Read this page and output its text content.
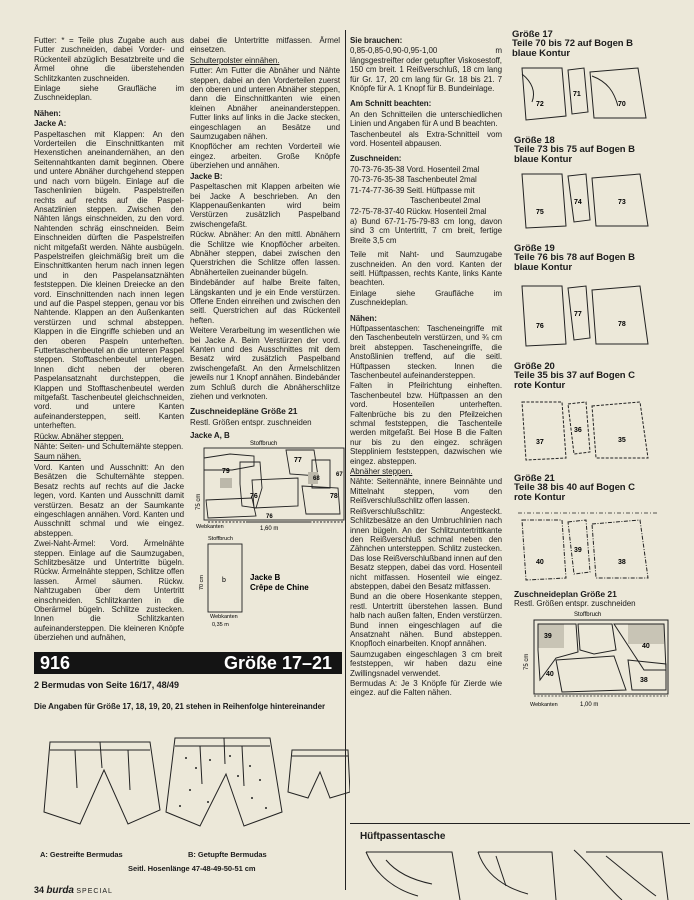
Futter: * = Teile plus Zugabe auch aus Futter zuschneiden, dabei Vorder- und Rückenteil abzüglich Besatzbreite und die Ärmel ohne die überstehenden Schlitzkanten zuschneiden.

Einlage siehe Graufläche im Zuschneideplan.

Nähen:

Jacke A:

Paspeltaschen mit Klappen: An den Vorderteilen die Einschnittkanten mit Hexenstichen aneinandernähen, an den Seitennahtkanten damit beginnen. Obere und untere Abnäher durchgehend steppen und nach vorn bügeln. Einlage auf die Taschenlinien bügeln. Paspelstreifen rechts auf rechts auf die Paspel-Ansatzlinien steppen. Zwischen den Nähten längs einschneiden, zu den vord. Nahtenden schräg einschneiden. Beim Einschneiden dürften die Paspelstreifen nicht mitgefaßt werden. Nähte ausbügeln. Paspelstreifen gleichmäßig breit um die Einschnittkanten herum nach innen legen und in den Paspelansatznähten feststeppen. Die kleinen Dreiecke an den vord. Einschnittenden nach innen legen und auf die Paspel steppen, genau vor bis Nahtende. Klappen an den Außenkanten verstürzen und schmal absteppen. Klappen in die Eingriffe schieben und an den oberen Paspeln unterheften. Futtertaschenbeutel an die unteren Paspel steppen. Stofftaschenbeutel unterlegen. Innen dicht neben der oberen Paspelansatznaht durchsteppen, die Klappen und Stofftaschenbeutel werden mitgefaßt. Taschenbeutel gleichschneiden, vord. und untere Kanten aufeinandersteppen, seitl. Kanten unterheften.

Rückw. Abnäher steppen.

Nähte: Seiten- und Schulternähte steppen.

Saum nähen.

Vord. Kanten und Ausschnitt: An den Besätzen die Schulternähte steppen. Besatz rechts auf rechts auf die Jacke legen, vord. Kanten und Ausschnitt damit verstürzen. Besatz an der Saumkante eingeschlagen annähen. Vord. Kanten und Ausschnitt schmal und wie eingez. absteppen.

Zwei-Naht-Ärmel: Vord. Ärmelnähte steppen. Einlage auf die Saumzugaben, Schlitzbesätze und Untertritte bügeln. Rückw. Ärmelnähte steppen, Schlitze offen lassen. Ärmel säumen. Rückw. Nahtzugaben über dem Untertritt einschneiden. Schlitzkanten in die Oberärmel bügeln. Schlitze zustecken. Innen die Schlitzkanten aufeinandersteppen. Die kleineren Knöpfe überziehen und aufnähen,

dabei die Untertritte mitfassen. Ärmel einsetzen.

Schulterpolster einnähen.

Futter: Am Futter die Abnäher und Nähte steppen, dabei an den Vorderteilen zuerst den oberen und unteren Abnäher steppen, dann die Einschnittkanten wie einen kleinen Abnäher aneinandersteppen. Futter links auf links in die Jacke stecken, eingeschlagen an Besätze und Saumzugaben nähen.

Knopflöcher am rechten Vorderteil wie eingez. arbeiten. Große Knöpfe überziehen und annähen.

Jacke B:

Paspeltaschen mit Klappen arbeiten wie bei Jacke A beschrieben. An den Klappenaußenkanten wird beim Verstürzen zusätzlich Paspelband zwischengefaßt.

Rückw. Abnäher: An den mittl. Abnähern die Schlitze wie Knopflöcher arbeiten. Abnäher steppen, dabei zwischen den Querstrichen die Schlitze offen lassen. Abnäherteilen zueinander bügeln.

Bindebänder auf halbe Breite falten, Längskanten und je ein Ende verstürzen. Offene Enden einreihen und zwischen den seitl. Querstrichen auf das Rückenteil heften.

Weitere Verarbeitung im wesentlichen wie bei Jacke A. Beim Verstürzen der vord. Kanten und des Ausschnittes mit dem Besatz wird zusätzlich Paspelband zwischengefaßt. An den Ärmelschlitzen jeweils nur 1 Knopf annähen. Bindebänder zum Schluß durch die Abnäherschlitze ziehen und verknoten.

Zuschneidepläne Größe 21

Restl. Größen entspr. zuschneiden

Jacke A, B

Stoffbruch
79
77
76
68
78
67
76
b
75 cm
Webkanten	1,60 m
Stoffbruch
70 cm
Webkanten
0,35 m
Jacke B
Crêpe de Chine
916	Größe 17–21
2 Bermudas von Seite 16/17, 48/49
Die Angaben für Größe 17, 18, 19, 20, 21 stehen in Reihenfolge hintereinander
A: Gestreifte Bermudas	B: Getupfte Bermudas
Seitl. Hosenlänge 47-48-49-50-51 cm
34 burda SPECIAL

Sie brauchen:

0,85-0,85-0,90-0,95-1,00 m längsgestreifter oder getupfter Viskosestoff, 150 cm breit. 1 Reißverschluß, 18 cm lang für Gr. 17, 20 cm lang für Gr. 18 bis 21. 7 Knöpfe für A. 1 Knopf für B. Bundeinlage.

Am Schnitt beachten:

An den Schnitteilen die unterschiedlichen Linien und Angaben für A und B beachten.

Taschenbeutel als Extra-Schnitteil vom vord. Hosenteil abpausen.

Zuschneiden:

70-73-76-35-38 Vord. Hosenteil 2mal

70-73-76-35-38 Taschenbeutel 2mal

71-74-77-36-39 Seitl. Hüftpasse mit

Taschenbeutel 2mal

72-75-78-37-40 Rückw. Hosenteil 2mal

a) Bund 67-71-75-79-83 cm long, davon sind 3 cm Untertritt, 7 cm breit, fertige Breite 3,5 cm

Teile mit Naht- und Saumzugabe zuschneiden. An den vord. Kanten der seitl. Hüftpassen, rechts Kante, links Kante beachten.

Einlage siehe Graufläche im Zuschneideplan.

Nähen:

Hüftpassentaschen: Tascheneingriffe mit den Taschenbeuteln verstürzen, und ¾ cm breit absteppen. Tascheneingriffe, die Anstoßlinien treffend, auf die seitl. Hüftpassen stecken. Innen die Taschenbeutel aufeinandersteppen.

Falten in Pfeilrichtung einheften. Taschenbeutel bzw. Hüftpassen an den vord. Hosenteilen unterheften. Faltenbrüche bis zu den Pfeilzeichen schmal feststeppen, die Taschenteile werden mitgefaßt. Bei Hose B die Falten nur bis zu den eingez. schrägen Steppliniem feststeppen, dazwischen wie eingez. absteppen.

Abnäher steppen.

Nähte: Seitennähte, innere Beinnähte und Mittelnaht steppen, vom den Reißverschlußschlitz offen lassen.

Reißverschlußschlitz: Angesteckt. Schlitzbesätze an den Umbruchlinien nach innen bügeln. An der Schlitzuntertrittkante den Reißverschluß schmal neben den Zähnchen untersteppen. Schlitz zustecken. Das lose Reißverschlußband innen auf den Besatz steppen, dabei das vord. Hosenteil nicht mitfassen. Hosenteil wie eingez. absteppen, dabei den Besatz mitfassen.

Bund an die obere Hosenkante steppen, restl. Untertritt überstehen lassen. Bund halb nach außen falten, Enden verstürzen. Bund innen eingeschlagen auf die Ansatznaht nähen. Bund absteppen. Knopfloch einarbeiten. Knopf annähen.

Saumzugaben eingeschlagen 3 cm breit feststeppen, wir haben dazu eine Zwillingsnadel verwendet.

Bermudas A: Je 3 Knöpfe für Zierde wie eingez. auf die Falten nähen.

Hüftpassentasche
Größe 17
Teile 70 bis 72 auf Bogen B
blaue Kontur
72
71
70
Größe 18
Teile 73 bis 75 auf Bogen B
blaue Kontur
75
74	73
Größe 19
Teile 76 bis 78 auf Bogen B
blaue Kontur
76
77
78
Größe 20
Teile 35 bis 37 auf Bogen C
rote Kontur
37
36
35
Größe 21
Teile 38 bis 40 auf Bogen C
rote Kontur
40
39
38
Zuschneideplan Größe 21
Restl. Größen entspr. zuschneiden
Stoffbruch
39
40
40
38
75 cm
Webkanten	1,00 m
